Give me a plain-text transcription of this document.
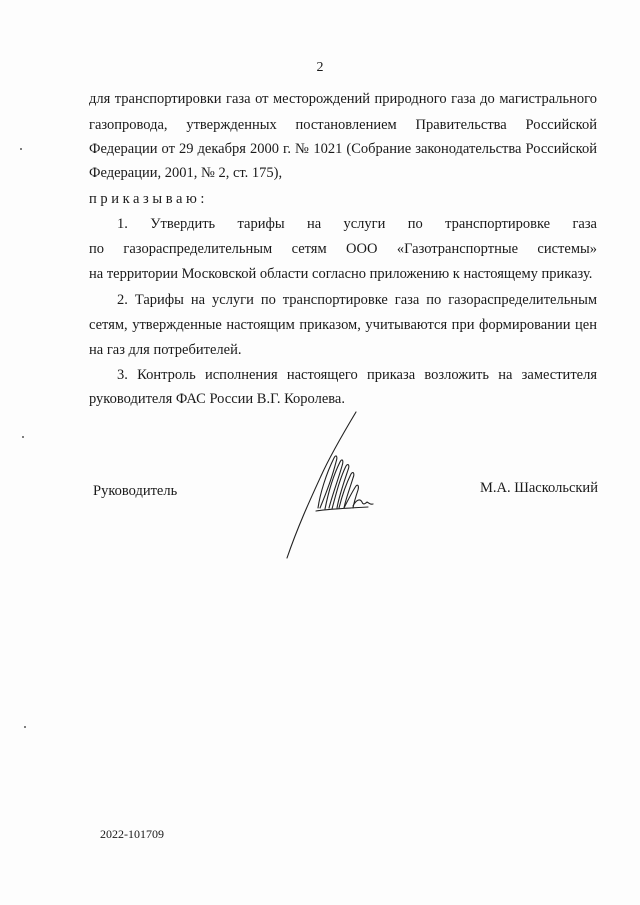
2
для транспортировки газа от месторождений природного газа до магистрального
газопровода, утвержденных постановлением Правительства Российской
Федерации от 29 декабря 2000 г. № 1021 (Собрание законодательства Российской
Федерации, 2001, № 2, ст. 175),
приказываю:
1. Утвердить тарифы на услуги по транспортировке газа
по газораспределительным сетям ООО «Газотранспортные системы»
на территории Московской области согласно приложению к настоящему приказу.
2. Тарифы на услуги по транспортировке газа по газораспределительным
сетям, утвержденные настоящим приказом, учитываются при формировании цен
на газ для потребителей.
3. Контроль исполнения настоящего приказа возложить на заместителя
руководителя ФАС России В.Г. Королева.
Руководитель	М.А. Шаскольский
2022-101709
